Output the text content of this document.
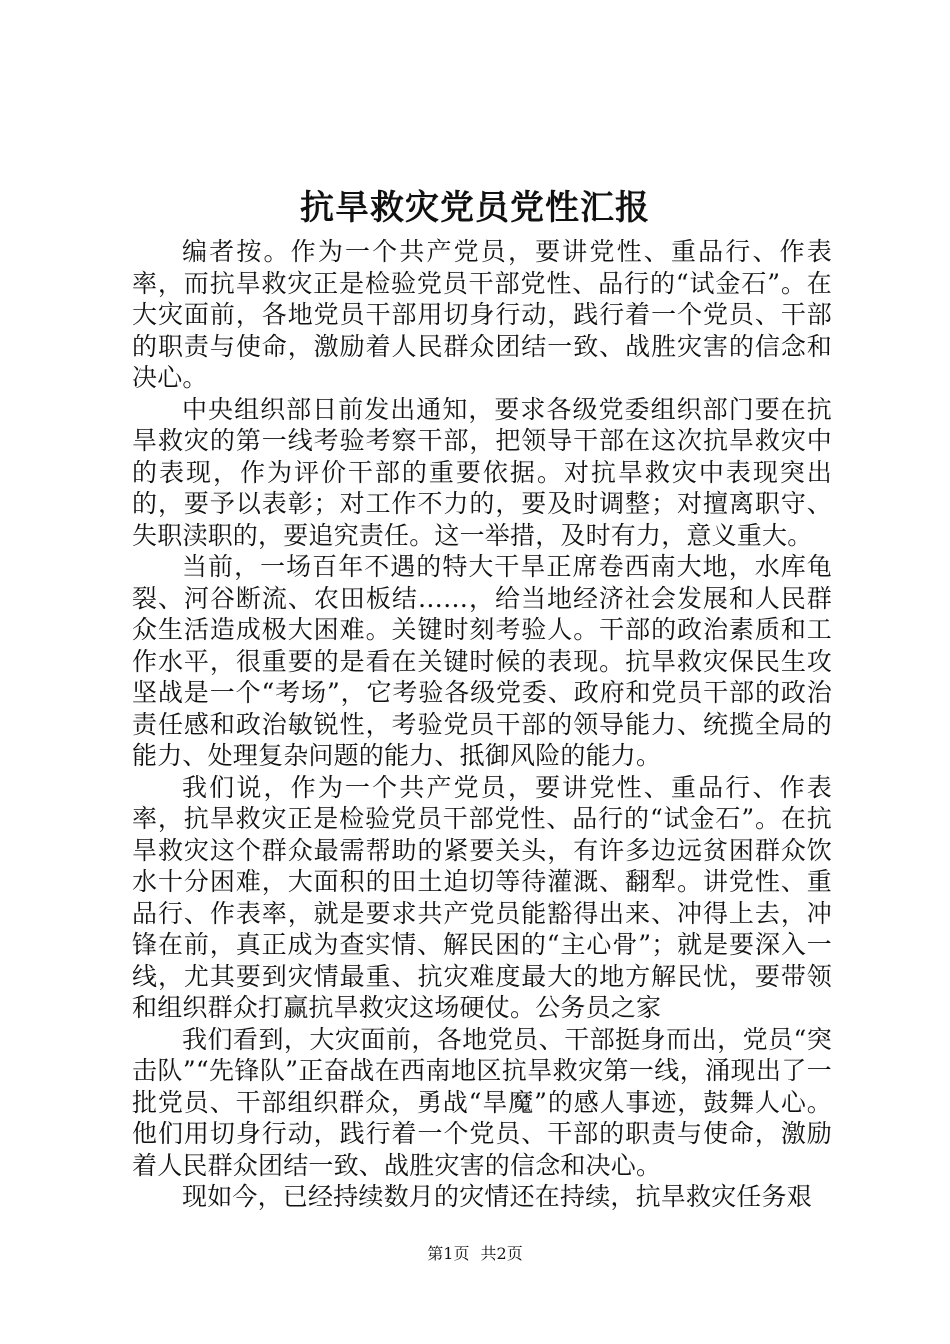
抗旱救灾党员党性汇报

编者按。作为一个共产党员，要讲党性、重品行、作表率，而抗旱救灾正是检验党员干部党性、品行的“试金石”。在大灾面前，各地党员干部用切身行动，践行着一个党员、干部的职责与使命，激励着人民群众团结一致、战胜灾害的信念和决心。

中央组织部日前发出通知，要求各级党委组织部门要在抗旱救灾的第一线考验考察干部，把领导干部在这次抗旱救灾中的表现，作为评价干部的重要依据。对抗旱救灾中表现突出的，要予以表彰；对工作不力的，要及时调整；对擅离职守、失职渎职的，要追究责任。这一举措，及时有力，意义重大。

当前，一场百年不遇的特大干旱正席卷西南大地，水库龟裂、河谷断流、农田板结……，给当地经济社会发展和人民群众生活造成极大困难。关键时刻考验人。干部的政治素质和工作水平，很重要的是看在关键时候的表现。抗旱救灾保民生攻坚战是一个“考场”，它考验各级党委、政府和党员干部的政治责任感和政治敏锐性，考验党员干部的领导能力、统揽全局的能力、处理复杂问题的能力、抵御风险的能力。

我们说，作为一个共产党员，要讲党性、重品行、作表率，抗旱救灾正是检验党员干部党性、品行的“试金石”。在抗旱救灾这个群众最需帮助的紧要关头，有许多边远贫困群众饮水十分困难，大面积的田土迫切等待灌溉、翻犁。讲党性、重品行、作表率，就是要求共产党员能豁得出来、冲得上去，冲锋在前，真正成为查实情、解民困的“主心骨”；就是要深入一线，尤其要到灾情最重、抗灾难度最大的地方解民忧，要带领和组织群众打赢抗旱救灾这场硬仗。公务员之家

我们看到，大灾面前，各地党员、干部挺身而出，党员“突击队”“先锋队”正奋战在西南地区抗旱救灾第一线，涌现出了一批党员、干部组织群众，勇战“旱魔”的感人事迹，鼓舞人心。他们用切身行动，践行着一个党员、干部的职责与使命，激励着人民群众团结一致、战胜灾害的信念和决心。

现如今，已经持续数月的灾情还在持续，抗旱救灾任务艰

第1页 共2页
